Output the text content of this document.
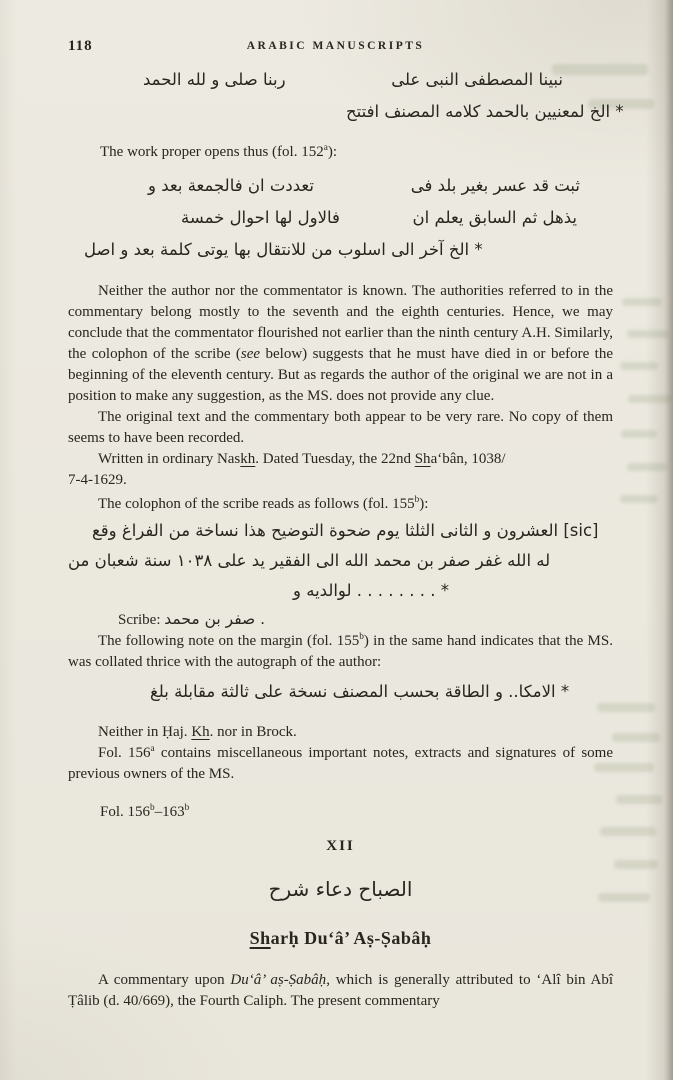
118	ARABIC MANUSCRIPTS

الحمد لله و صلى ربنا	على النبى المصطفى نبينا

افتتح المصنف كلامه بالحمد لمعنيين الخ *

The work proper opens thus (fol. 152$^a$):

و بعد فالجمعة ان تعددت	فى بلد بغير عسر قد ثبت

خمسة احوال لها فالاول	ان يعلم السابق ثم يذهل

اصل و بعد كلمة يوتى بها للانتقال من اسلوب الى آخر الخ *

Neither the author nor the commentator is known. The authorities referred to in the commentary belong mostly to the seventh and the eighth centuries. Hence, we may conclude that the commentator flourished not earlier than the ninth century A.H. Similarly, the colophon of the scribe (see below) suggests that he must have died in or before the beginning of the eleventh century. But as regards the author of the original we are not in a position to make any suggestion, as the MS. does not provide any clue.

The original text and the commentary both appear to be very rare. No copy of them seems to have been recorded.

Written in ordinary Naskh. Dated Tuesday, the 22nd Sha‘bân, 1038/

7-4-1629.

The colophon of the scribe reads as follows (fol. 155$^b$):

وقع الفراغ من نساخة هذا التوضيح ضحوة يوم الثلثا الثانى و العشرون [sic]

من شعبان سنة ١٠٣٨ على يد الفقير الى الله محمد بن صفر غفر الله له

و لوالديه . . . . . . . . *

Scribe: محمد بن صفر .

The following note on the margin (fol. 155$^b$) in the same hand indicates that the MS. was collated thrice with the autograph of the author:

بلغ مقابلة ثالثة على نسخة المصنف بحسب الطاقة و الامكا.. *

Neither in Ḥaj. Kh. nor in Brock.

Fol. 156$^a$ contains miscellaneous important notes, extracts and signatures of some previous owners of the MS.

Fol. 156$^b$–163$^b$

XII

شرح دعاء الصباح

Sharḥ Du‘â’ Aṣ-Ṣabâḥ

A commentary upon Du‘â’ aṣ-Ṣabâḥ, which is generally attributed to ‘Alî bin Abî Ṭâlib (d. 40/669), the Fourth Caliph. The present commentary
